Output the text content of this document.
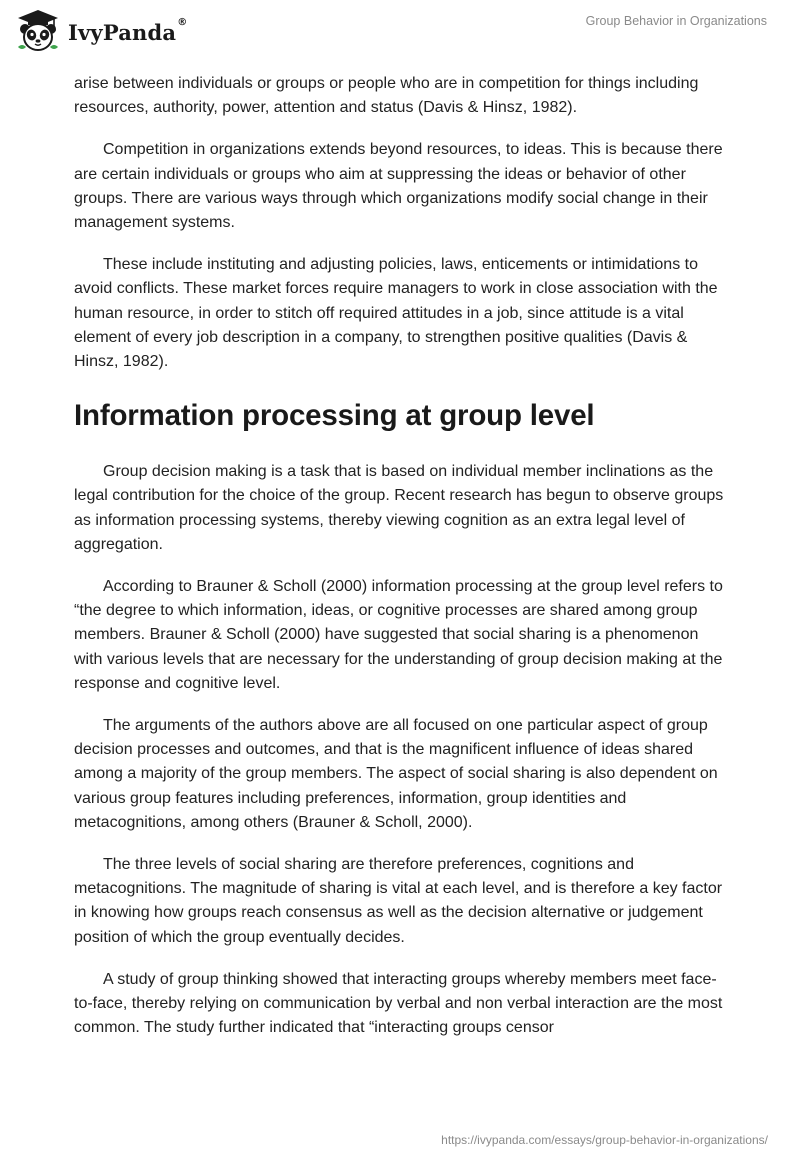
IvyPanda®	Group Behavior in Organizations

arise between individuals or groups or people who are in competition for things including resources, authority, power, attention and status (Davis & Hinsz, 1982).

Competition in organizations extends beyond resources, to ideas. This is because there are certain individuals or groups who aim at suppressing the ideas or behavior of other groups. There are various ways through which organizations modify social change in their management systems.

These include instituting and adjusting policies, laws, enticements or intimidations to avoid conflicts. These market forces require managers to work in close association with the human resource, in order to stitch off required attitudes in a job, since attitude is a vital element of every job description in a company, to strengthen positive qualities (Davis & Hinsz, 1982).

Information processing at group level

Group decision making is a task that is based on individual member inclinations as the legal contribution for the choice of the group. Recent research has begun to observe groups as information processing systems, thereby viewing cognition as an extra legal level of aggregation.

According to Brauner & Scholl (2000) information processing at the group level refers to “the degree to which information, ideas, or cognitive processes are shared among group members. Brauner & Scholl (2000) have suggested that social sharing is a phenomenon with various levels that are necessary for the understanding of group decision making at the response and cognitive level.

The arguments of the authors above are all focused on one particular aspect of group decision processes and outcomes, and that is the magnificent influence of ideas shared among a majority of the group members. The aspect of social sharing is also dependent on various group features including preferences, information, group identities and metacognitions, among others (Brauner & Scholl, 2000).

The three levels of social sharing are therefore preferences, cognitions and metacognitions. The magnitude of sharing is vital at each level, and is therefore a key factor in knowing how groups reach consensus as well as the decision alternative or judgement position of which the group eventually decides.

A study of group thinking showed that interacting groups whereby members meet face-to-face, thereby relying on communication by verbal and non verbal interaction are the most common. The study further indicated that “interacting groups censor

https://ivypanda.com/essays/group-behavior-in-organizations/
